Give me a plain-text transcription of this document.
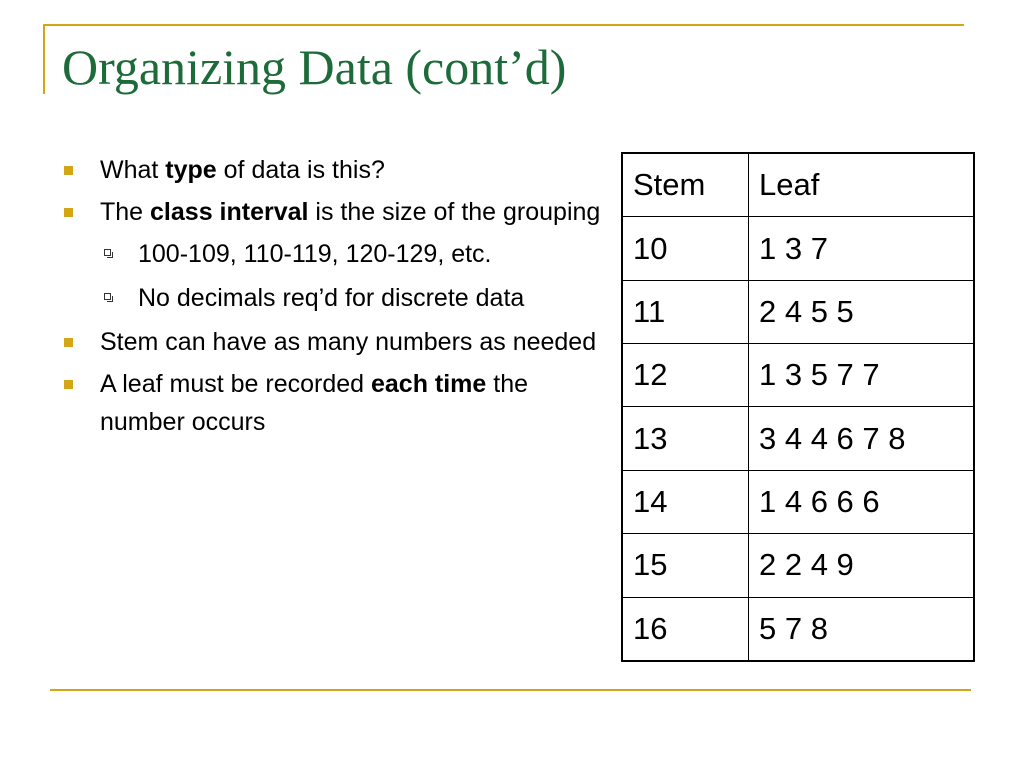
Organizing Data (cont’d)
What type of data is this?
The class interval is the size of the grouping
100-109, 110-119, 120-129, etc.
No decimals req’d for discrete data
Stem can have as many numbers as needed
A leaf must be recorded each time the number occurs
Stem	Leaf
10	1 3 7
11	2 4 5 5
12	1 3 5 7 7
13	3 4 4 6 7 8
14	1 4 6 6 6
15	2 2 4 9
16	5 7 8
